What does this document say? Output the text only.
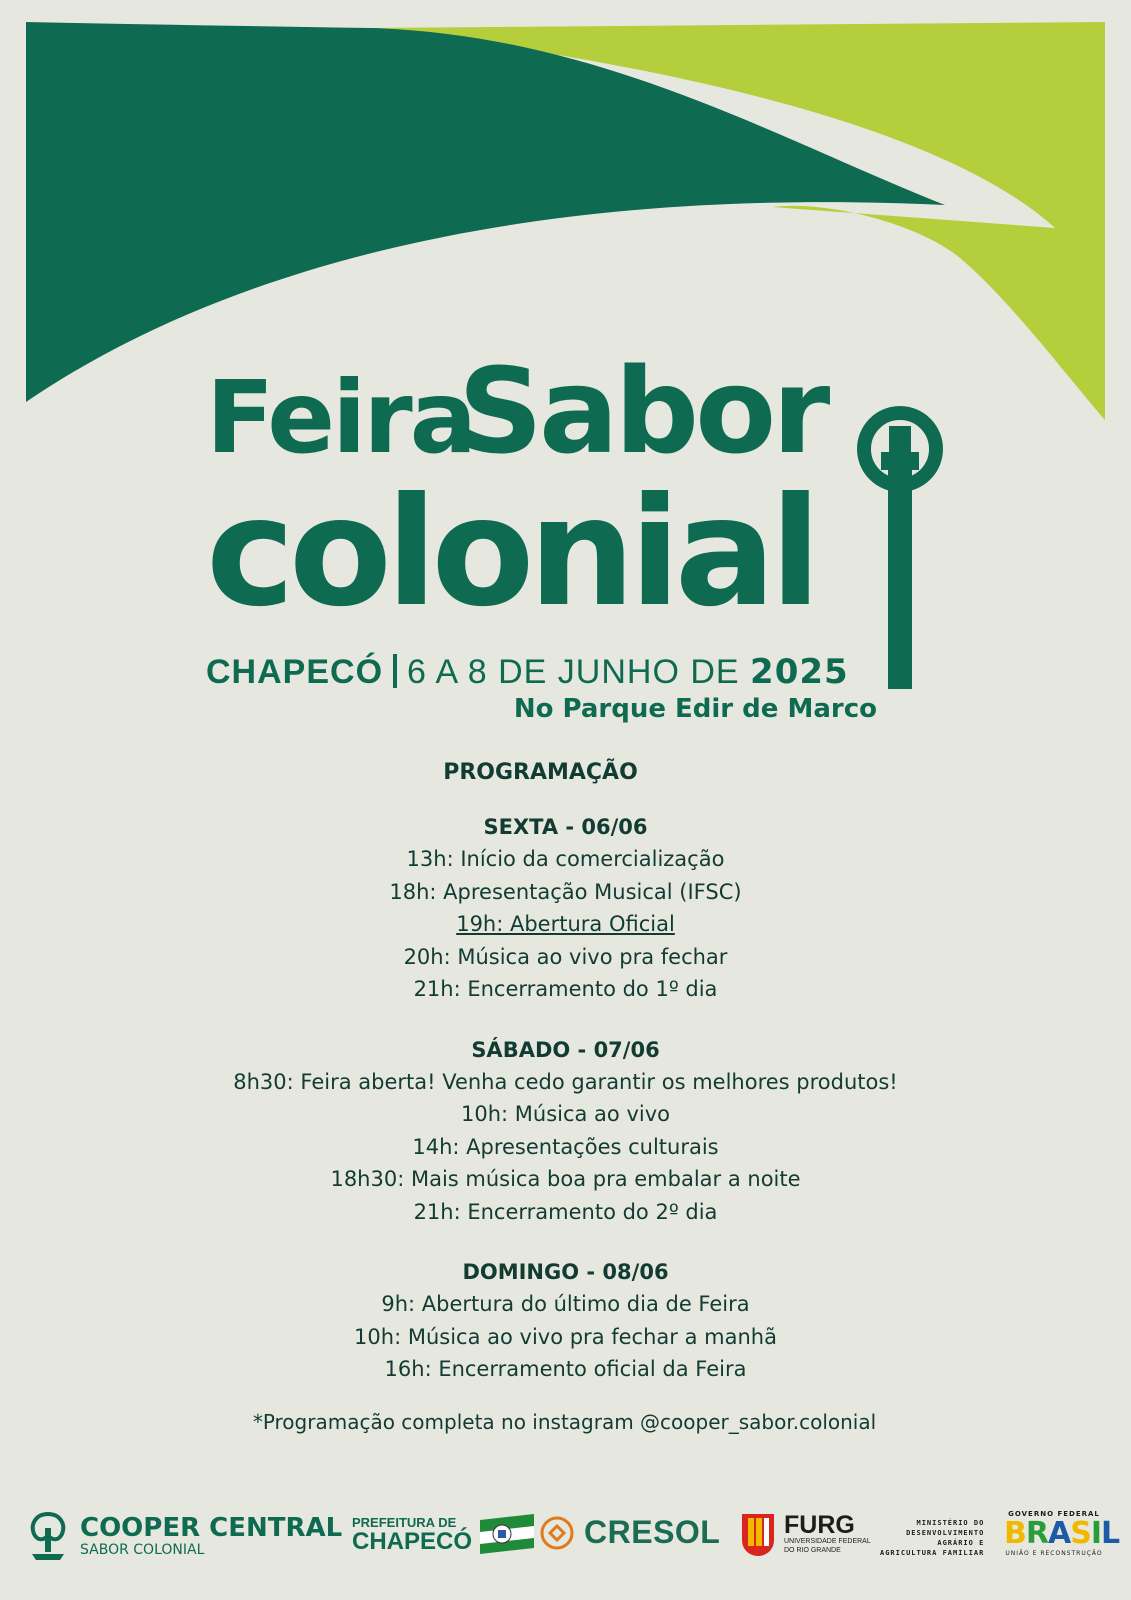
Feira
Sabor
colonial
CHAPECÓ 6 A 8 DE JUNHO DE 2025
No Parque Edir de Marco
PROGRAMAÇÃO
SEXTA - 06/06
13h: Início da comercialização
18h: Apresentação Musical (IFSC)
19h: Abertura Oficial
20h: Música ao vivo pra fechar
21h: Encerramento do 1º dia
SÁBADO - 07/06
8h30: Feira aberta! Venha cedo garantir os melhores produtos!
10h: Música ao vivo
14h: Apresentações culturais
18h30: Mais música boa pra embalar a noite
21h: Encerramento do 2º dia
DOMINGO - 08/06
9h: Abertura do último dia de Feira
10h: Música ao vivo pra fechar a manhã
16h: Encerramento oficial da Feira
*Programação completa no instagram @cooper_sabor.colonial
COOPER CENTRAL
SABOR COLONIAL
PREFEITURA DE
CHAPECÓ	CRESOL	FURG
UNIVERSIDADE FEDERAL
DO RIO GRANDE
MINISTÉRIO DO
DESENVOLVIMENTO
AGRÁRIO E
AGRICULTURA FAMILIAR
GOVERNO FEDERAL
BRASIL
UNIÃO E RECONSTRUÇÃO
